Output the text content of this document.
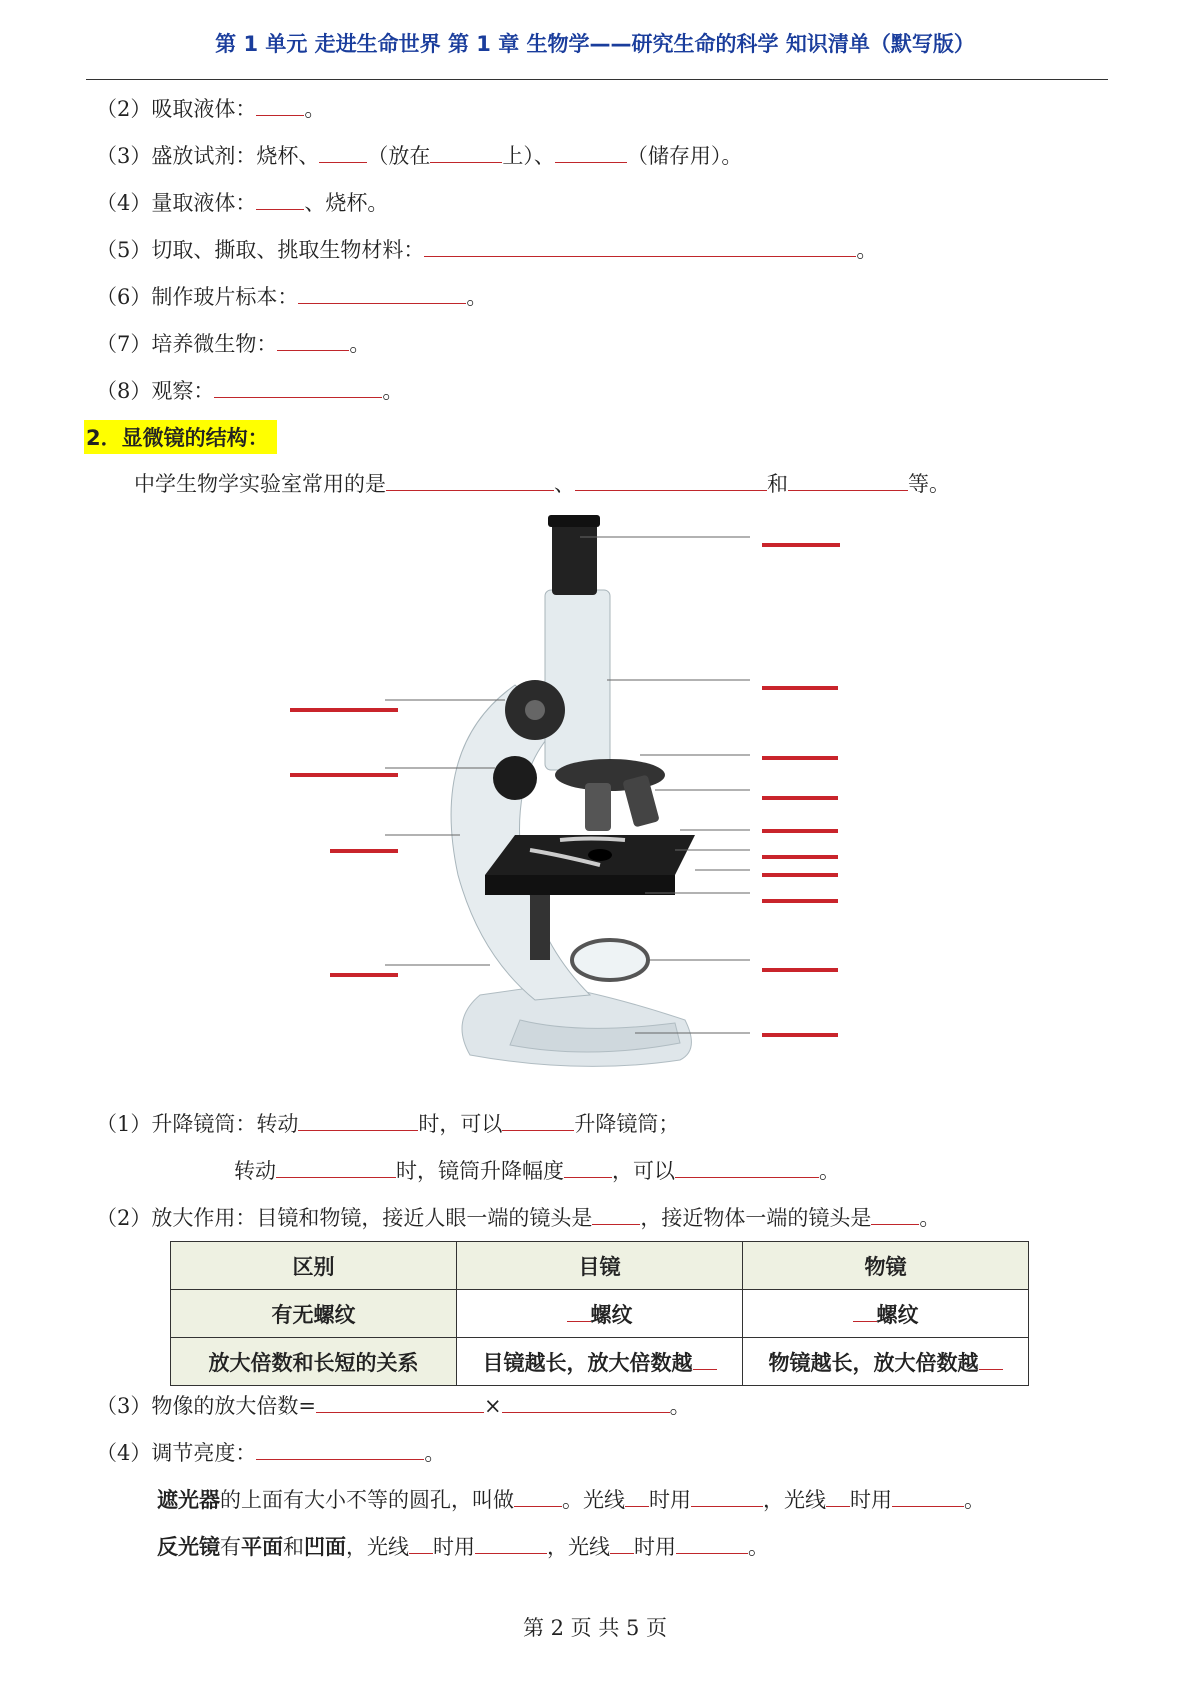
第 1 单元 走进生命世界 第 1 章 生物学——研究生命的科学 知识清单（默写版）
（2）吸取液体： 。
（3）盛放试剂：烧杯、 （放在	上）、	（储存用）。
（4）量取液体： 、烧杯。
（5）切取、撕取、挑取生物材料：	。
（6）制作玻片标本：	。
（7）培养微生物：	。
（8）观察：	。
2．显微镜的结构：
中学生物学实验室常用的是	、	和	等。
（1）升降镜筒：转动	时，可以	升降镜筒；
转动	时，镜筒升降幅度 ，可以	。
（2）放大作用：目镜和物镜，接近人眼一端的镜头是 ，接近物体一端的镜头是 。
区别	目镜	物镜
有无螺纹	螺纹	螺纹
放大倍数和长短的关系	目镜越长，放大倍数越	物镜越长，放大倍数越
（3）物像的放大倍数=	×	。
（4）调节亮度：	。
遮光器的上面有大小不等的圆孔，叫做 。光线 时用	，光线 时用	。
反光镜有平面和凹面，光线 时用	，光线 时用	。
第 2 页 共 5 页
